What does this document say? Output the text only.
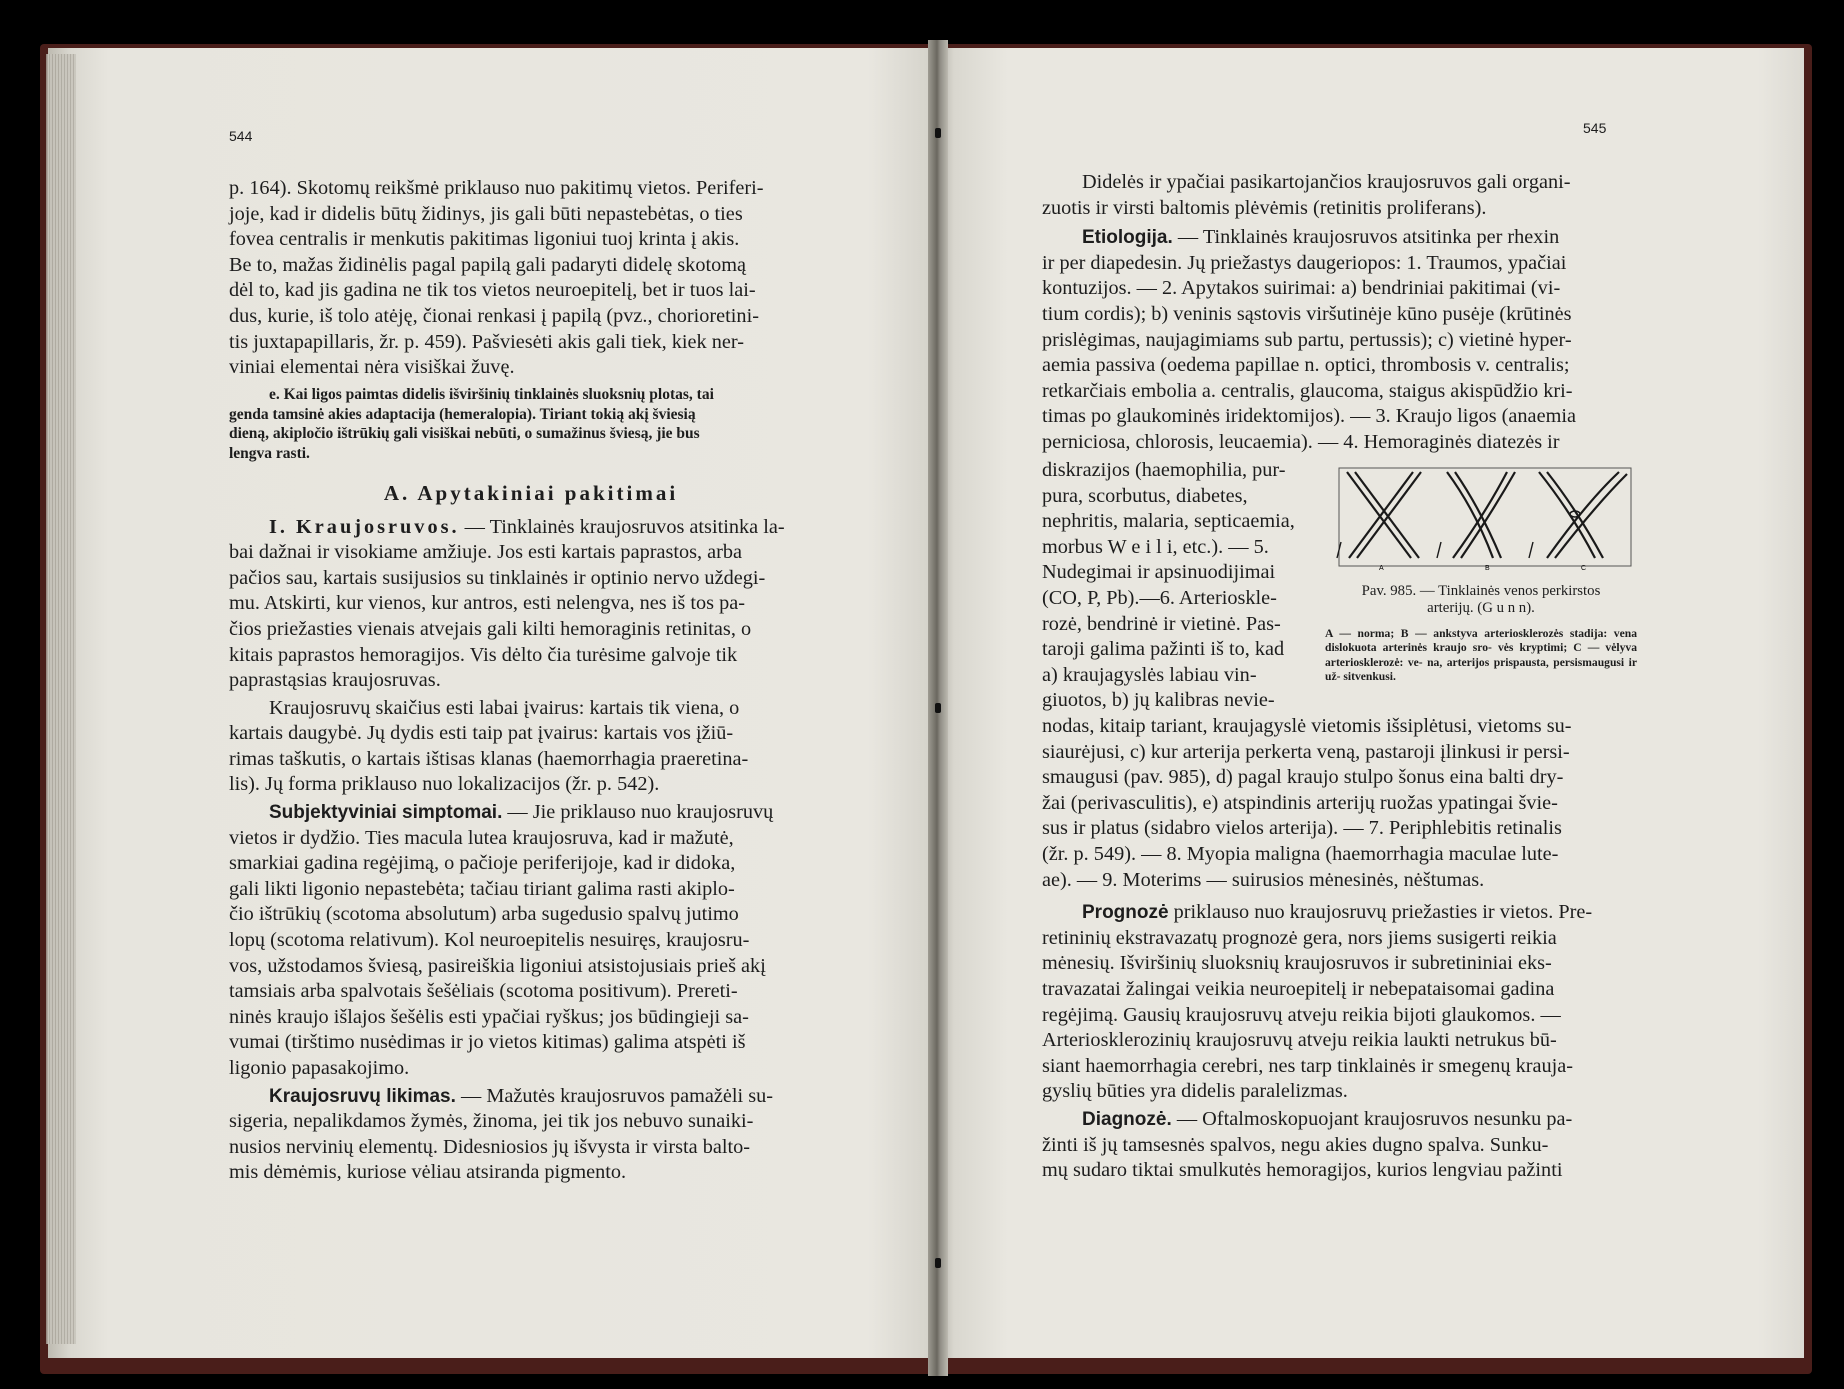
544

p. 164). Skotomų reikšmė priklauso nuo pakitimų vietos. Periferi-

joje, kad ir didelis būtų židinys, jis gali būti nepastebėtas, o ties

fovea centralis ir menkutis pakitimas ligoniui tuoj krinta į akis.

Be to, mažas židinėlis pagal papilą gali padaryti didelę skotomą

dėl to, kad jis gadina ne tik tos vietos neuroepitelį, bet ir tuos lai-

dus, kurie, iš tolo atėję, čionai renkasi į papilą (pvz., chorioretini-

tis juxtapapillaris, žr. p. 459). Pašviesėti akis gali tiek, kiek ner-

viniai elementai nėra visiškai žuvę.

e. Kai ligos paimtas didelis išviršinių tinklainės sluoksnių plotas, tai

genda tamsinė akies adaptacija (hemeralopia). Tiriant tokią akį šviesią

dieną, akipločio ištrūkių gali visiškai nebūti, o sumažinus šviesą, jie bus

lengva rasti.

A. Apytakiniai pakitimai

I. Kraujosruvos. — Tinklainės kraujosruvos atsitinka la-

bai dažnai ir visokiame amžiuje. Jos esti kartais paprastos, arba

pačios sau, kartais susijusios su tinklainės ir optinio nervo uždegi-

mu. Atskirti, kur vienos, kur antros, esti nelengva, nes iš tos pa-

čios priežasties vienais atvejais gali kilti hemoraginis retinitas, o

kitais paprastos hemoragijos. Vis dėlto čia turėsime galvoje tik

paprastąsias kraujosruvas.

Kraujosruvų skaičius esti labai įvairus: kartais tik viena, o

kartais daugybė. Jų dydis esti taip pat įvairus: kartais vos įžiū-

rimas taškutis, o kartais ištisas klanas (haemorrhagia praeretina-

lis). Jų forma priklauso nuo lokalizacijos (žr. p. 542).

Subjektyviniai simptomai. — Jie priklauso nuo kraujosruvų

vietos ir dydžio. Ties macula lutea kraujosruva, kad ir mažutė,

smarkiai gadina regėjimą, o pačioje periferijoje, kad ir didoka,

gali likti ligonio nepastebėta; tačiau tiriant galima rasti akiplo-

čio ištrūkių (scotoma absolutum) arba sugedusio spalvų jutimo

lopų (scotoma relativum). Kol neuroepitelis nesuiręs, kraujosru-

vos, užstodamos šviesą, pasireiškia ligoniui atsistojusiais prieš akį

tamsiais arba spalvotais šešėliais (scotoma positivum). Prereti-

ninės kraujo išlajos šešėlis esti ypačiai ryškus; jos būdingieji sa-

vumai (tirštimo nusėdimas ir jo vietos kitimas) galima atspėti iš

ligonio papasakojimo.

Kraujosruvų likimas. — Mažutės kraujosruvos pamažėli su-

sigeria, nepalikdamos žymės, žinoma, jei tik jos nebuvo sunaiki-

nusios nervinių elementų. Didesniosios jų išvysta ir virsta balto-

mis dėmėmis, kuriose vėliau atsiranda pigmento.

545

Didelės ir ypačiai pasikartojančios kraujosruvos gali organi-

zuotis ir virsti baltomis plėvėmis (retinitis proliferans).

Etiologija. — Tinklainės kraujosruvos atsitinka per rhexin

ir per diapedesin. Jų priežastys daugeriopos: 1. Traumos, ypačiai

kontuzijos. — 2. Apytakos suirimai: a) bendriniai pakitimai (vi-

tium cordis); b) veninis sąstovis viršutinėje kūno pusėje (krūtinės

prislėgimas, naujagimiams sub partu, pertussis); c) vietinė hyper-

aemia passiva (oedema papillae n. optici, thrombosis v. centralis;

retkarčiais embolia a. centralis, glaucoma, staigus akispūdžio kri-

timas po glaukominės iridektomijos). — 3. Kraujo ligos (anaemia

perniciosa, chlorosis, leucaemia). — 4. Hemoraginės diatezės ir

diskrazijos (haemophilia, pur-

pura, scorbutus, diabetes,

nephritis, malaria, septicaemia,

morbus W e i l i, etc.). — 5.

Nudegimai ir apsinuodijimai

(CO, P, Pb).—6. Arteriosklе-

rozė, bendrinė ir vietinė. Pas-

taroji galima pažinti iš to, kad

a) kraujagyslės labiau vin-

giuotos, b) jų kalibras nevie-

A	B	C
Pav. 985. — Tinklainės venos perkirstos
arterijų. (G u n n).
A — norma; B — ankstyva arteriosklerozės stadija: vena dislokuota arterinės kraujo sro- vės kryptimi; C — vėlyva arteriosklerozė: ve- na, arterijos prispausta, persismaugusi ir už- sitvenkusi.

nodas, kitaip tariant, kraujagyslė vietomis išsiplėtusi, vietoms su-

siaurėjusi, c) kur arterija perkerta veną, pastaroji įlinkusi ir persi-

smaugusi (pav. 985), d) pagal kraujo stulpo šonus eina balti dry-

žai (perivasculitis), e) atspindinis arterijų ruožas ypatingai švie-

sus ir platus (sidabro vielos arterija). — 7. Periphlebitis retinalis

(žr. p. 549). — 8. Myopia maligna (haemorrhagia maculae lute-

ae). — 9. Moterims — suirusios mėnesinės, nėštumas.

Prognozė priklauso nuo kraujosruvų priežasties ir vietos. Pre-

retininių ekstravazatų prognozė gera, nors jiems susigerti reikia

mėnesių. Išviršinių sluoksnių kraujosruvos ir subretininiai eks-

travazatai žalingai veikia neuroepitelį ir nebepataisomai gadina

regėjimą. Gausių kraujosruvų atveju reikia bijoti glaukomos. —

Arteriosklerozinių kraujosruvų atveju reikia laukti netrukus bū-

siant haemorrhagia cerebri, nes tarp tinklainės ir smegenų krauja-

gyslių būties yra didelis paralelizmas.

Diagnozė. — Oftalmoskopuojant kraujosruvos nesunku pa-

žinti iš jų tamsesnės spalvos, negu akies dugno spalva. Sunku-

mų sudaro tiktai smulkutės hemoragijos, kurios lengviau pažinti
